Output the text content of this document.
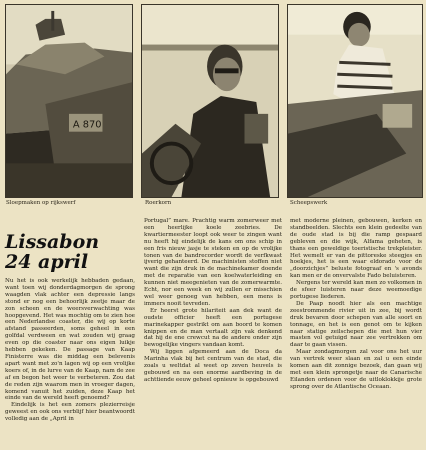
A 870
Sloepmaken op rijkswerf	Roerkorn	Scheepswerk
Lissabon
24 april

Nu het is ook werkelijk hebbaden gedaan, want toen wij donderdagmorgen de sprong waagden vlak achter een depressie langs stond er nog een behoorlijk zeetje maar de zon scheen en de weersverwachting was hoopgevend. Het was mochtig om te zien hoe een Nederlandse coaster, die wij op korte afstand passeerden, soms geheel in een golfdal verdween en wat zouden wij graag even op die coaster naar ons eigen luikje hebben gekeken. De passage van Kaap Finisterre was die middag een belevenis apart want met zo'n lagen wij op een vrolijke koers of, in de lurve van de Kaap, nam de zee af en begon het weer te verbeteren. Zou dat de reden zijn waarom men in vroeger dagen, komend vanuit het zuiden, deze Kaap het einde van de wereld heeft genoemd?

Eindelijk is het een zomers plezierreisje geweest en ook ons verblijf hier beantwoordt volledig aan de „April in

Portugal” mare. Prachtig warm zomerweer met een heerlijke koele zeebries. De kwartiermeester loopt ook weer te zingen want nu heeft hij eindelijk de kans om ons schip in een fris nieuw jasje te steken en op de vrolijke tonen van de bandrecorder wordt de verfkwast ijverig gehanteerd. De machinisten stoffen niet want die zijn druk in de machinekamer doende met de reparatie van een koelwaterleiding en kunnen niet meegenieten van de zomerwarmte. Echt, nor een week en wij zullen er misschien wel weer genoeg van hebben, een mens is immers nooit tevreden.

Er heerst grote hilariteit aan dek want de oudste officier heeft een portugese marinekapper gestrikt om aan boord te komen knippen en de man vertaalt zijn vak denkend dat hij de ene crewcut na de andere onder zijn bewogelijke vingers vandaan komt.

Wij liggen afgemeerd aan de Doca da Marinha vlak bij het centrum van de stad, die zoals u weltdat al weet op zeven heuvels is gebouwd en na een enorme aardbeving in de achttiende eeuw geheel opnieuw is opgebouwd

met moderne pleinen, gebouwen, kerken en standbeelden. Slechts een klein gedeelte van de oude stad is bij die ramp gespaard gebleven en die wijk, Alfama geheten, is thans een geweldige toeristische trekpleister. Het wemelt er van de pittoreske steegjes en hoekjes, het is een waar eldorado voor de „doorzichjes” beluste fotograaf en 's avonds kan men er de onvervalste Fado beluisteren.

Nergens ter wereld kan men zo volkomen in de sfeer luisteren naar deze weemoedige portugese liederen.

De Paap noodt hier als een machtige zeestrommende rivier uit in zee, bij wordt druk bevaren door schepen van alle soort en tonnage, en het is een genot om te kijken naar statige zeilschepen die met hun vier masten vol getuigd naar zee vertrekken om daar te gaan vissen.

Maar zondagmorgen zal voor ons het uur van vertrek weer slaan en zal u een einde komen aan dit zonnige bezoek, dan gaan wij met een klein sprongetje naar de Canarische Eilanden ordenen voor de uitloklokkije grote sprong over de Atlantische Oceaan.
